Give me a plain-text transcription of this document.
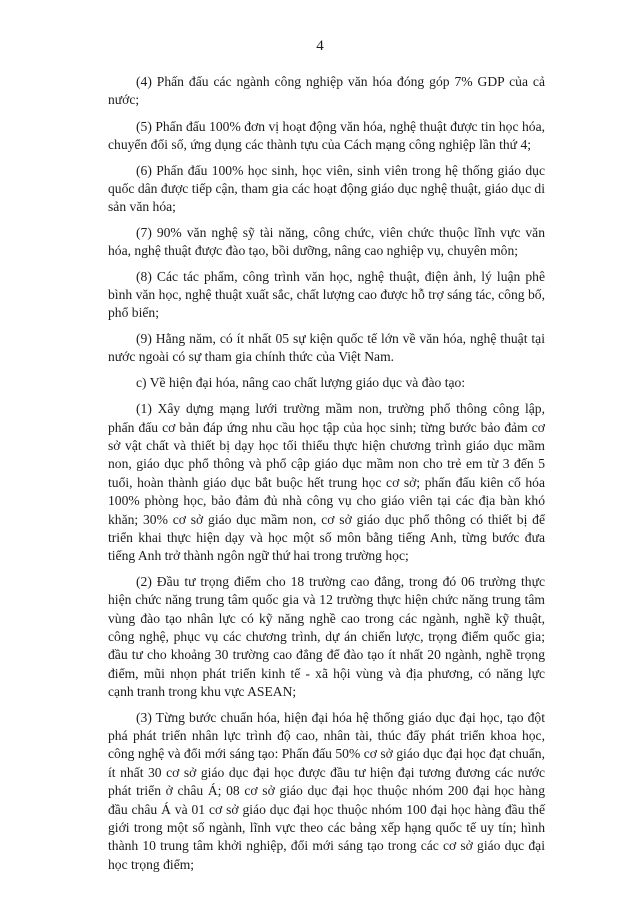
4

(4) Phấn đấu các ngành công nghiệp văn hóa đóng góp 7% GDP của cả nước;

(5) Phấn đấu 100% đơn vị hoạt động văn hóa, nghệ thuật được tin học hóa, chuyển đổi số, ứng dụng các thành tựu của Cách mạng công nghiệp lần thứ 4;

(6) Phấn đấu 100% học sinh, học viên, sinh viên trong hệ thống giáo dục quốc dân được tiếp cận, tham gia các hoạt động giáo dục nghệ thuật, giáo dục di sản văn hóa;

(7) 90% văn nghệ sỹ tài năng, công chức, viên chức thuộc lĩnh vực văn hóa, nghệ thuật được đào tạo, bồi dưỡng, nâng cao nghiệp vụ, chuyên môn;

(8) Các tác phẩm, công trình văn học, nghệ thuật, điện ảnh, lý luận phê bình văn học, nghệ thuật xuất sắc, chất lượng cao được hỗ trợ sáng tác, công bố, phổ biến;

(9) Hằng năm, có ít nhất 05 sự kiện quốc tế lớn về văn hóa, nghệ thuật tại nước ngoài có sự tham gia chính thức của Việt Nam.

c) Về hiện đại hóa, nâng cao chất lượng giáo dục và đào tạo:

(1) Xây dựng mạng lưới trường mầm non, trường phổ thông công lập, phấn đấu cơ bản đáp ứng nhu cầu học tập của học sinh; từng bước bảo đảm cơ sở vật chất và thiết bị dạy học tối thiểu thực hiện chương trình giáo dục mầm non, giáo dục phổ thông và phổ cập giáo dục mầm non cho trẻ em từ 3 đến 5 tuổi, hoàn thành giáo dục bắt buộc hết trung học cơ sở; phấn đấu kiên cố hóa 100% phòng học, bảo đảm đủ nhà công vụ cho giáo viên tại các địa bàn khó khăn; 30% cơ sở giáo dục mầm non, cơ sở giáo dục phổ thông có thiết bị để triển khai thực hiện dạy và học một số môn bằng tiếng Anh, từng bước đưa tiếng Anh trở thành ngôn ngữ thứ hai trong trường học;

(2) Đầu tư trọng điểm cho 18 trường cao đẳng, trong đó 06 trường thực hiện chức năng trung tâm quốc gia và 12 trường thực hiện chức năng trung tâm vùng đào tạo nhân lực có kỹ năng nghề cao trong các ngành, nghề kỹ thuật, công nghệ, phục vụ các chương trình, dự án chiến lược, trọng điểm quốc gia; đầu tư cho khoảng 30 trường cao đẳng để đào tạo ít nhất 20 ngành, nghề trọng điểm, mũi nhọn phát triển kinh tế - xã hội vùng và địa phương, có năng lực cạnh tranh trong khu vực ASEAN;

(3) Từng bước chuẩn hóa, hiện đại hóa hệ thống giáo dục đại học, tạo đột phá phát triển nhân lực trình độ cao, nhân tài, thúc đẩy phát triển khoa học, công nghệ và đổi mới sáng tạo: Phấn đấu 50% cơ sở giáo dục đại học đạt chuẩn, ít nhất 30 cơ sở giáo dục đại học được đầu tư hiện đại tương đương các nước phát triển ở châu Á; 08 cơ sở giáo dục đại học thuộc nhóm 200 đại học hàng đầu châu Á và 01 cơ sở giáo dục đại học thuộc nhóm 100 đại học hàng đầu thế giới trong một số ngành, lĩnh vực theo các bảng xếp hạng quốc tế uy tín; hình thành 10 trung tâm khởi nghiệp, đổi mới sáng tạo trong các cơ sở giáo dục đại học trọng điểm;
